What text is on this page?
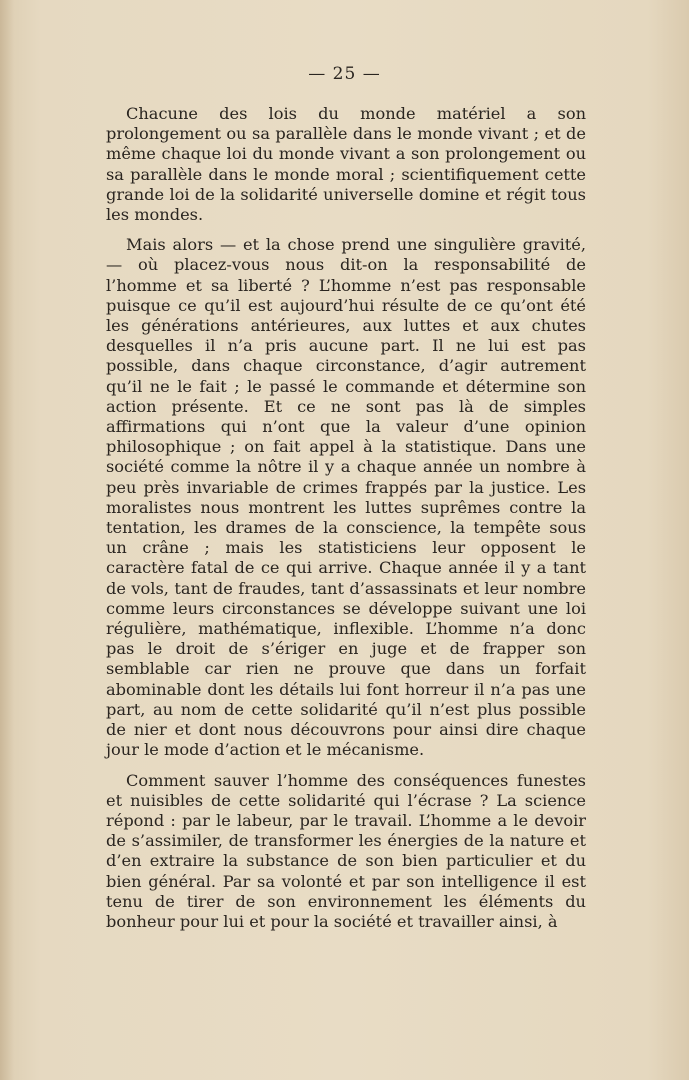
— 25 —

Chacune des lois du monde matériel a son prolongement ou sa parallèle dans le monde vivant ; et de même chaque loi du monde vivant a son prolongement ou sa parallèle dans le monde moral ; scientifiquement cette grande loi de la solidarité universelle domine et régit tous les mondes.

Mais alors — et la chose prend une singulière gravité, — où placez-vous nous dit-on la responsabilité de l’homme et sa liberté ? L’homme n’est pas responsable puisque ce qu’il est aujourd’hui résulte de ce qu’ont été les générations antérieures, aux luttes et aux chutes desquelles il n’a pris aucune part. Il ne lui est pas possible, dans chaque circonstance, d’agir autrement qu’il ne le fait ; le passé le commande et détermine son action présente. Et ce ne sont pas là de simples affirmations qui n’ont que la valeur d’une opinion philosophique ; on fait appel à la statistique. Dans une société comme la nôtre il y a chaque année un nombre à peu près invariable de crimes frappés par la justice. Les moralistes nous montrent les luttes suprêmes contre la tentation, les drames de la conscience, la tempête sous un crâne ; mais les statisticiens leur opposent le caractère fatal de ce qui arrive. Chaque année il y a tant de vols, tant de fraudes, tant d’assassinats et leur nombre comme leurs circonstances se développe suivant une loi régulière, mathématique, inflexible. L’homme n’a donc pas le droit de s’ériger en juge et de frapper son semblable car rien ne prouve que dans un forfait abominable dont les détails lui font horreur il n’a pas une part, au nom de cette solidarité qu’il n’est plus possible de nier et dont nous découvrons pour ainsi dire chaque jour le mode d’action et le mécanisme.

Comment sauver l’homme des conséquences funestes et nuisibles de cette solidarité qui l’écrase ? La science répond : par le labeur, par le travail. L’homme a le devoir de s’assimiler, de transformer les énergies de la nature et d’en extraire la substance de son bien particulier et du bien général. Par sa volonté et par son intelligence il est tenu de tirer de son environnement les éléments du bonheur pour lui et pour la société et travailler ainsi, à
